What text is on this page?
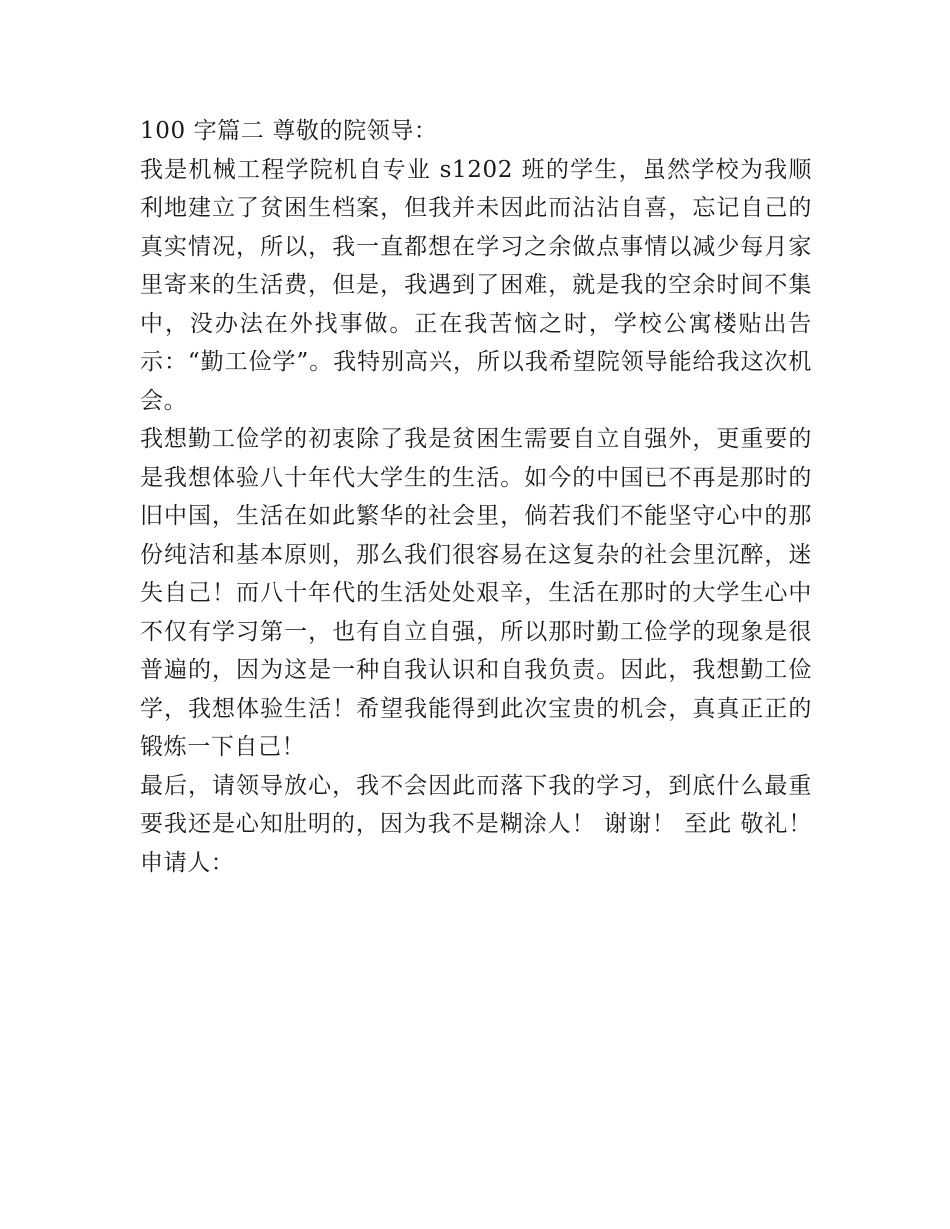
100 字篇二 尊敬的院领导：

我是机械工程学院机自专业 s1202 班的学生，虽然学校为我顺利地建立了贫困生档案，但我并未因此而沾沾自喜，忘记自己的真实情况，所以，我一直都想在学习之余做点事情以减少每月家里寄来的生活费，但是，我遇到了困难，就是我的空余时间不集中，没办法在外找事做。正在我苦恼之时，学校公寓楼贴出告示：“勤工俭学”。我特别高兴，所以我希望院领导能给我这次机会。

我想勤工俭学的初衷除了我是贫困生需要自立自强外，更重要的是我想体验八十年代大学生的生活。如今的中国已不再是那时的旧中国，生活在如此繁华的社会里，倘若我们不能坚守心中的那份纯洁和基本原则，那么我们很容易在这复杂的社会里沉醉，迷失自己！而八十年代的生活处处艰辛，生活在那时的大学生心中不仅有学习第一，也有自立自强，所以那时勤工俭学的现象是很普遍的，因为这是一种自我认识和自我负责。因此，我想勤工俭学，我想体验生活！希望我能得到此次宝贵的机会，真真正正的锻炼一下自己！

最后，请领导放心，我不会因此而落下我的学习，到底什么最重要我还是心知肚明的，因为我不是糊涂人！ 谢谢！ 至此 敬礼！ 申请人：
